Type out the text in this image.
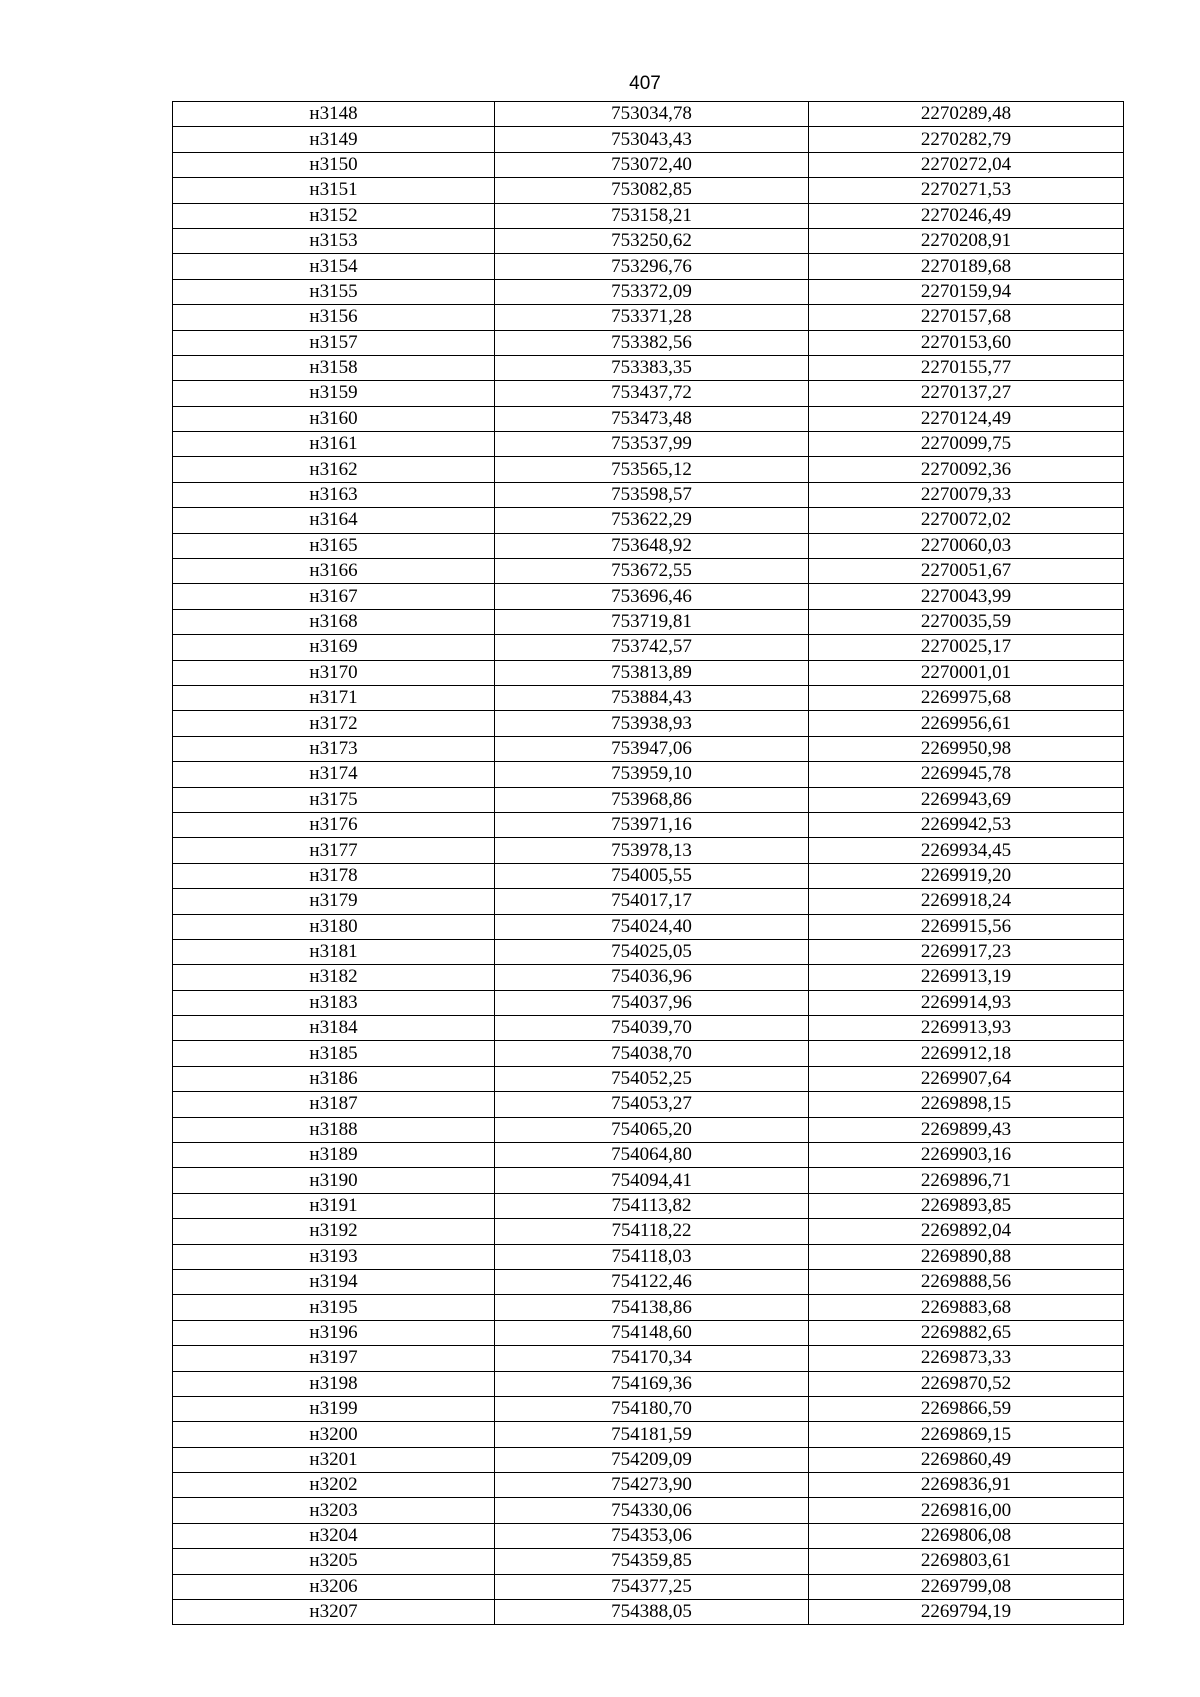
407
н3148	753034,78	2270289,48
н3149	753043,43	2270282,79
н3150	753072,40	2270272,04
н3151	753082,85	2270271,53
н3152	753158,21	2270246,49
н3153	753250,62	2270208,91
н3154	753296,76	2270189,68
н3155	753372,09	2270159,94
н3156	753371,28	2270157,68
н3157	753382,56	2270153,60
н3158	753383,35	2270155,77
н3159	753437,72	2270137,27
н3160	753473,48	2270124,49
н3161	753537,99	2270099,75
н3162	753565,12	2270092,36
н3163	753598,57	2270079,33
н3164	753622,29	2270072,02
н3165	753648,92	2270060,03
н3166	753672,55	2270051,67
н3167	753696,46	2270043,99
н3168	753719,81	2270035,59
н3169	753742,57	2270025,17
н3170	753813,89	2270001,01
н3171	753884,43	2269975,68
н3172	753938,93	2269956,61
н3173	753947,06	2269950,98
н3174	753959,10	2269945,78
н3175	753968,86	2269943,69
н3176	753971,16	2269942,53
н3177	753978,13	2269934,45
н3178	754005,55	2269919,20
н3179	754017,17	2269918,24
н3180	754024,40	2269915,56
н3181	754025,05	2269917,23
н3182	754036,96	2269913,19
н3183	754037,96	2269914,93
н3184	754039,70	2269913,93
н3185	754038,70	2269912,18
н3186	754052,25	2269907,64
н3187	754053,27	2269898,15
н3188	754065,20	2269899,43
н3189	754064,80	2269903,16
н3190	754094,41	2269896,71
н3191	754113,82	2269893,85
н3192	754118,22	2269892,04
н3193	754118,03	2269890,88
н3194	754122,46	2269888,56
н3195	754138,86	2269883,68
н3196	754148,60	2269882,65
н3197	754170,34	2269873,33
н3198	754169,36	2269870,52
н3199	754180,70	2269866,59
н3200	754181,59	2269869,15
н3201	754209,09	2269860,49
н3202	754273,90	2269836,91
н3203	754330,06	2269816,00
н3204	754353,06	2269806,08
н3205	754359,85	2269803,61
н3206	754377,25	2269799,08
н3207	754388,05	2269794,19
